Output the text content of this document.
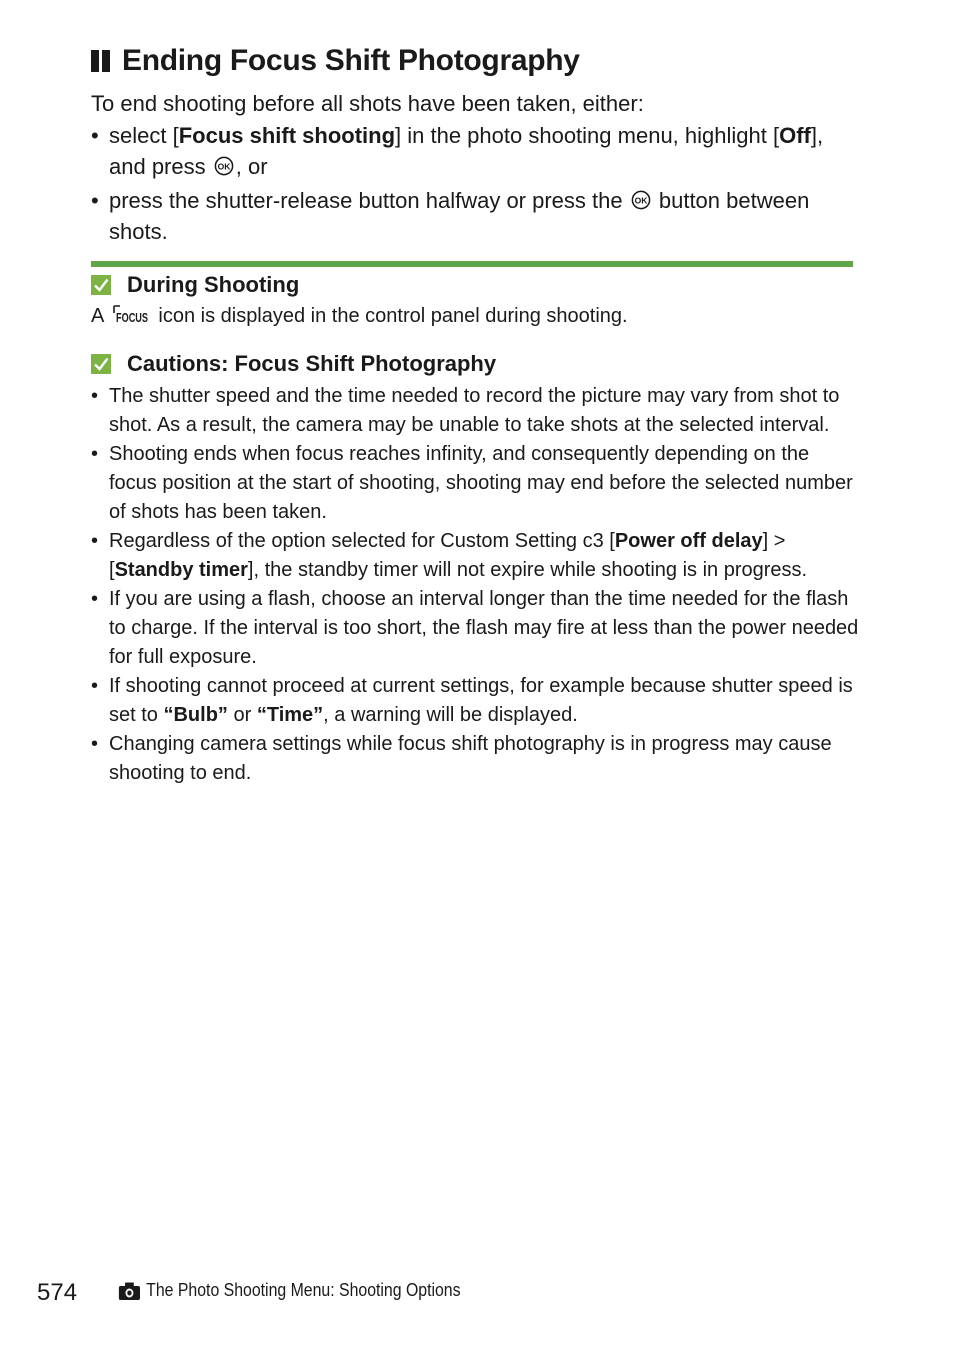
Ending Focus Shift Photography
To end shooting before all shots have been taken, either:
• select [Focus shift shooting] in the photo shooting menu, highlight [Off], and press OK , or
• press the shutter-release button halfway or press the OK button between shots.
During Shooting
A FOCUS icon is displayed in the control panel during shooting.
Cautions: Focus Shift Photography
• The shutter speed and the time needed to record the picture may vary from shot to shot. As a result, the camera may be unable to take shots at the selected interval.
• Shooting ends when focus reaches infinity, and consequently depending on the focus position at the start of shooting, shooting may end before the selected number of shots has been taken.
• Regardless of the option selected for Custom Setting c3 [Power off delay] > [Standby timer], the standby timer will not expire while shooting is in progress.
• If you are using a flash, choose an interval longer than the time needed for the flash to charge. If the interval is too short, the flash may fire at less than the power needed for full exposure.
• If shooting cannot proceed at current settings, for example because shutter speed is set to “Bulb” or “Time”, a warning will be displayed.
• Changing camera settings while focus shift photography is in progress may cause shooting to end.
574	The Photo Shooting Menu: Shooting Options
